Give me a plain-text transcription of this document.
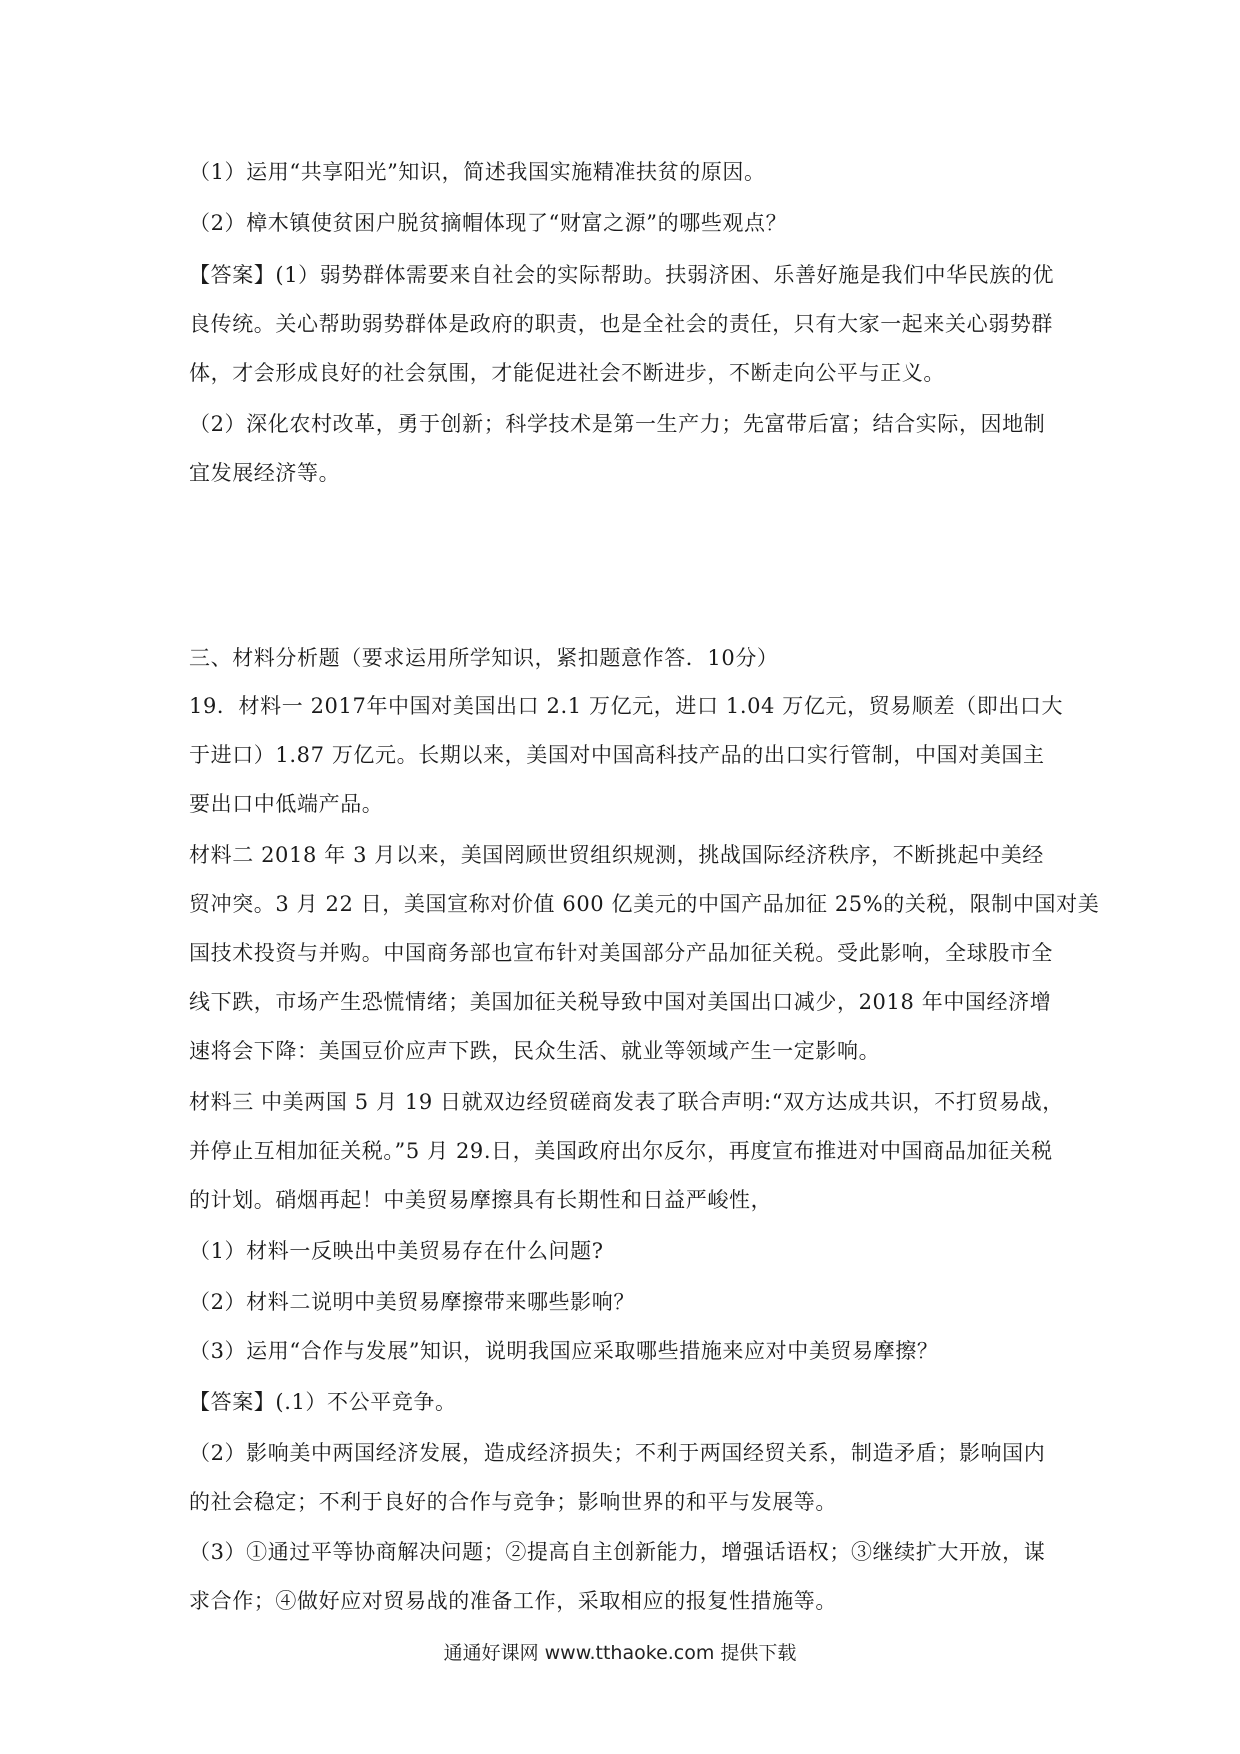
（1）运用“共享阳光”知识，简述我国实施精准扶贫的原因。
（2）樟木镇使贫困户脱贫摘帽体现了“财富之源”的哪些观点？
【答案】(1）弱势群体需要来自社会的实际帮助。扶弱济困、乐善好施是我们中华民族的优
良传统。关心帮助弱势群体是政府的职责，也是全社会的责任，只有大家一起来关心弱势群
体，才会形成良好的社会氛围，才能促进社会不断进步，不断走向公平与正义。
（2）深化农村改革，勇于创新；科学技术是第一生产力；先富带后富；结合实际，因地制
宜发展经济等。
三、材料分析题（要求运用所学知识，紧扣题意作答．10分）
19．材料一 2017年中国对美国出口 2.1 万亿元，进口 1.04 万亿元，贸易顺差（即出口大
于进口）1.87 万亿元。长期以来，美国对中国高科技产品的出口实行管制，中国对美国主
要出口中低端产品。
材料二 2018 年 3 月以来，美国罔顾世贸组织规测，挑战国际经济秩序，不断挑起中美经
贸冲突。3 月 22 日，美国宣称对价值 600 亿美元的中国产品加征 25%的关税，限制中国对美
国技术投资与并购。中国商务部也宣布针对美国部分产品加征关税。受此影响，全球股市全
线下跌，市场产生恐慌情绪；美国加征关税导致中国对美国出口减少，2018 年中国经济增
速将会下降：美国豆价应声下跌，民众生活、就业等领域产生一定影响。
材料三 中美两国 5 月 19 日就双边经贸磋商发表了联合声明:“双方达成共识，不打贸易战，
并停止互相加征关税。”5 月 29.日，美国政府出尔反尔，再度宣布推进对中国商品加征关税
的计划。硝烟再起！中美贸易摩擦具有长期性和日益严峻性，
（1）材料一反映出中美贸易存在什么问题?
（2）材料二说明中美贸易摩擦带来哪些影响？
（3）运用“合作与发展”知识，说明我国应采取哪些措施来应对中美贸易摩擦？
【答案】(.1）不公平竞争。
（2）影响美中两国经济发展，造成经济损失；不利于两国经贸关系，制造矛盾；影响国内
的社会稳定；不利于良好的合作与竞争；影响世界的和平与发展等。
（3）①通过平等协商解决问题；②提高自主创新能力，增强话语权；③继续扩大开放，谋
求合作；④做好应对贸易战的准备工作，采取相应的报复性措施等。
通通好课网 www.tthaoke.com 提供下载
